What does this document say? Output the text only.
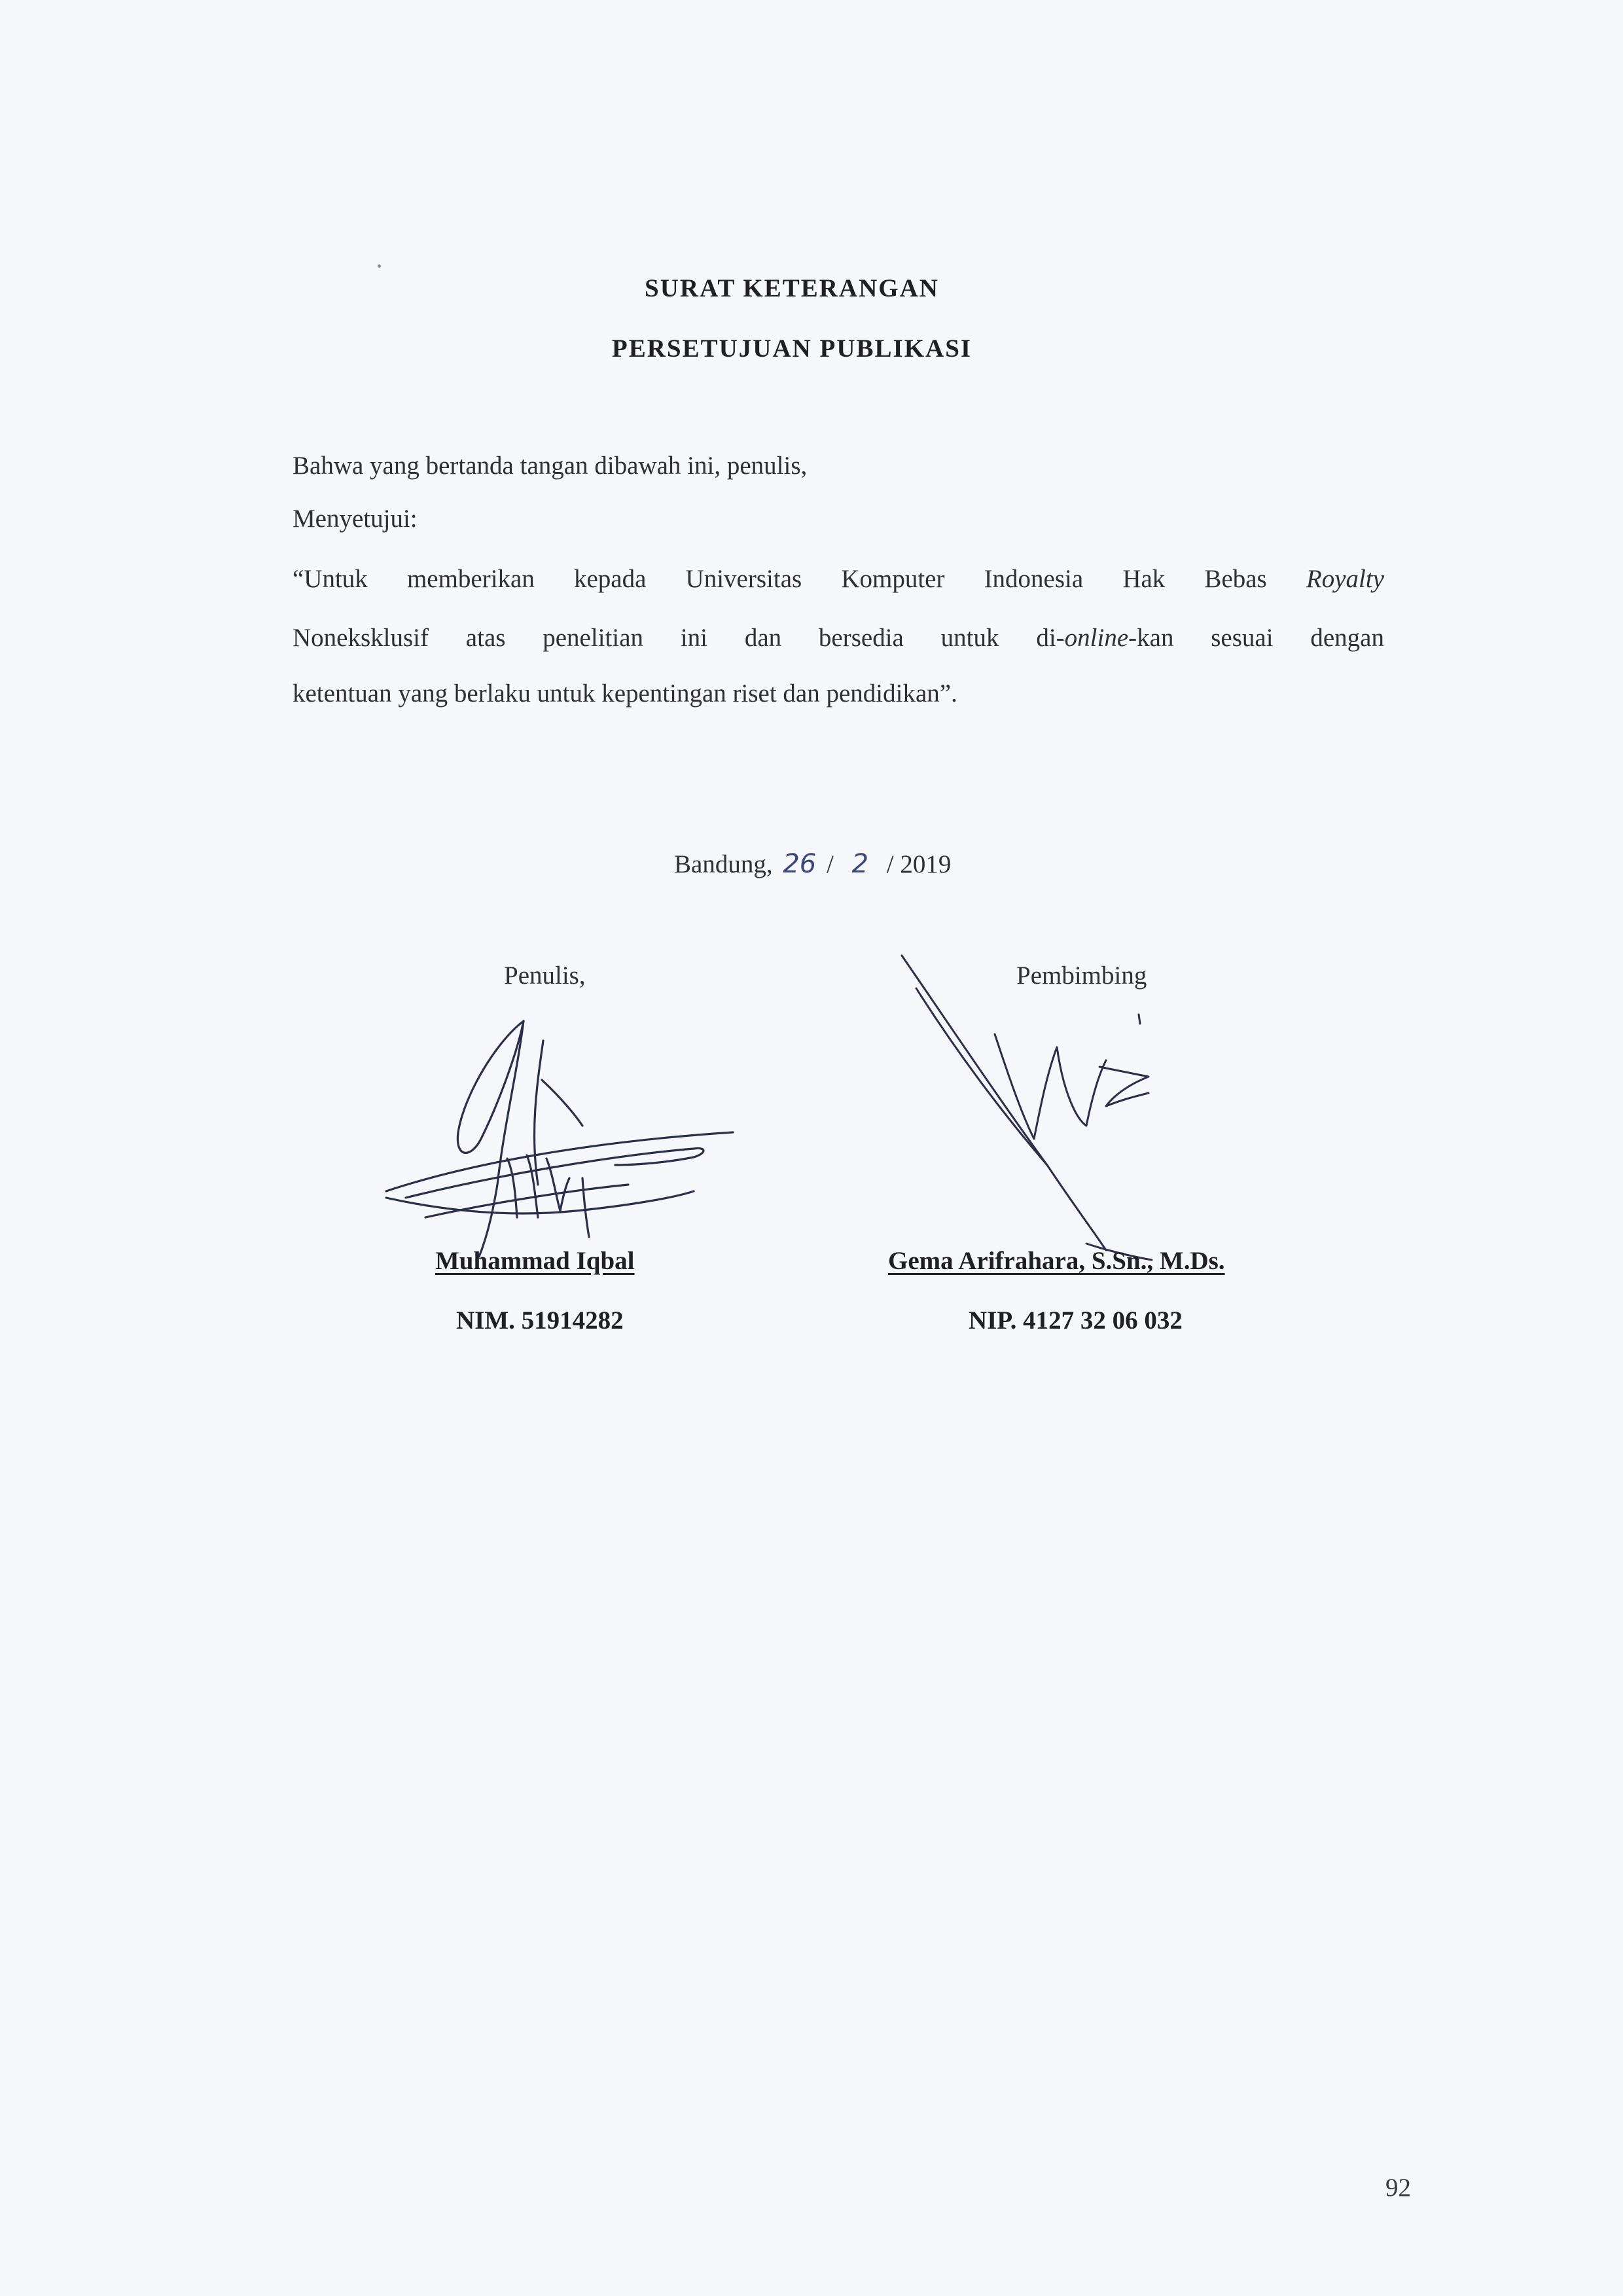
SURAT KETERANGAN
PERSETUJUAN PUBLIKASI
Bahwa yang bertanda tangan dibawah ini, penulis,
Menyetujui:
“Untuk memberikan kepada Universitas Komputer Indonesia Hak Bebas Royalty
Noneksklusif atas penelitian ini dan bersedia untuk di-online-kan sesuai dengan
ketentuan yang berlaku untuk kepentingan riset dan pendidikan”.
Bandung, 26 / 2 / 2019
Penulis,	Pembimbing
Muhammad Iqbal	Gema Arifrahara, S.Sn., M.Ds.
NIM. 51914282	NIP. 4127 32 06 032
92
